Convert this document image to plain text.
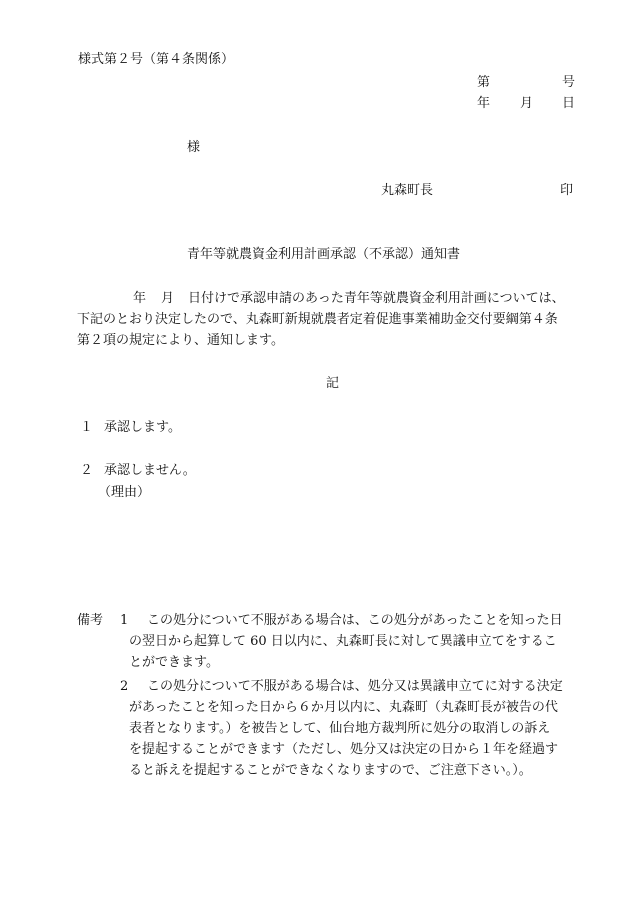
様式第２号（第４条関係）
第	号
年 月 日
様
丸森町長	印
青年等就農資金利用計画承認（不承認）通知書
年 月 日付けで承認申請のあった青年等就農資金利用計画については、
下記のとおり決定したので、丸森町新規就農者定着促進事業補助金交付要綱第４条
第２項の規定により、通知します。
記
１ 承認します。
２ 承認しません。
（理由）
備考 1 この処分について不服がある場合は、この処分があったことを知った日
の翌日から起算して 60 日以内に、丸森町長に対して異議申立てをするこ
とができます。
2 この処分について不服がある場合は、処分又は異議申立てに対する決定
があったことを知った日から６か月以内に、丸森町（丸森町長が被告の代
表者となります。）を被告として、仙台地方裁判所に処分の取消しの訴え
を提起することができます（ただし、処分又は決定の日から１年を経過す
ると訴えを提起することができなくなりますので、ご注意下さい。）。
